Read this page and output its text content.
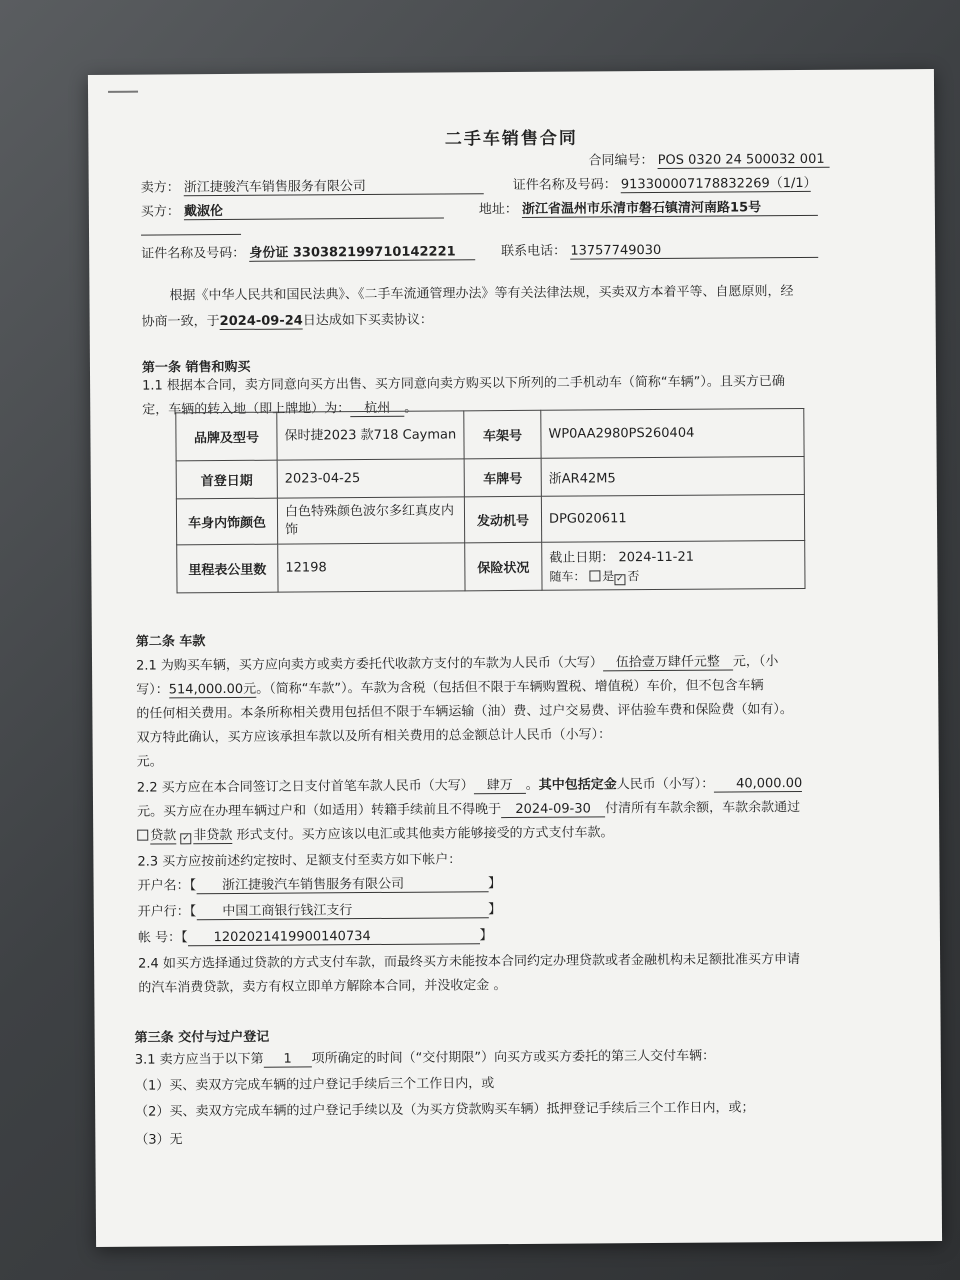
二手车销售合同
合同编号： POS 0320 24 500032 001
卖方： 浙江捷骏汽车销售服务有限公司	证件名称及号码： 913300007178832269（1/1）
买方： 戴淑伦	地址： 浙江省温州市乐清市磐石镇清河南路15号
证件名称及号码： 身份证 330382199710142221	联系电话： 13757749030
根据《中华人民共和国民法典》、《二手车流通管理办法》等有关法律法规，买卖双方本着平等、自愿原则，经
协商一致，于2024-09-24日达成如下买卖协议：
第一条 销售和购买
1.1 根据本合同，卖方同意向买方出售、买方同意向卖方购买以下所列的二手机动车（简称“车辆”）。且买方已确
定，车辆的转入地（即上牌地）为： 杭州 。
品牌及型号	保时捷2023 款718 Cayman	车架号	WP0AA2980PS260404
首登日期	2023-04-25	车牌号	浙AR42M5
车身内饰颜色	白色特殊颜色波尔多红真皮内饰	发动机号	DPG020611
里程表公里数	12198	保险状况	截止日期： 2024-11-21
随车： 是 ✓ 否
第二条 车款
2.1 为购买车辆，买方应向卖方或卖方委托代收款方支付的车款为人民币（大写） 伍拾壹万肆仟元整 元，（小
写）：514,000.00元。（简称“车款”）。车款为含税（包括但不限于车辆购置税、增值税）车价，但不包含车辆
的任何相关费用。本条所称相关费用包括但不限于车辆运输（油）费、过户交易费、评估验车费和保险费（如有）。
双方特此确认，买方应该承担车款以及所有相关费用的总金额总计人民币（小写）：
元。
2.2 买方应在本合同签订之日支付首笔车款人民币（大写） 肆万 。其中包括定金人民币（小写）： 40,000.00
元。买方应在办理车辆过户和（如适用）转籍手续前且不得晚于 2024-09-30 付清所有车款余额，车款余款通过
贷款 ✓ 非贷款 形式支付。买方应该以电汇或其他卖方能够接受的方式支付车款。
2.3 买方应按前述约定按时、足额支付至卖方如下帐户：
开户名：【 浙江捷骏汽车销售服务有限公司	】
开户行：【 中国工商银行钱江支行	】
帐 号：【 1202021419900140734	】
2.4 如买方选择通过贷款的方式支付车款，而最终买方未能按本合同约定办理贷款或者金融机构未足额批准买方申请
的汽车消费贷款，卖方有权立即单方解除本合同，并没收定金 。
第三条 交付与过户登记
3.1 卖方应当于以下第 1 项所确定的时间（“交付期限”）向买方或买方委托的第三人交付车辆：
（1）买、卖双方完成车辆的过户登记手续后三个工作日内，或
（2）买、卖双方完成车辆的过户登记手续以及（为买方贷款购买车辆）抵押登记手续后三个工作日内，或；
（3）无
